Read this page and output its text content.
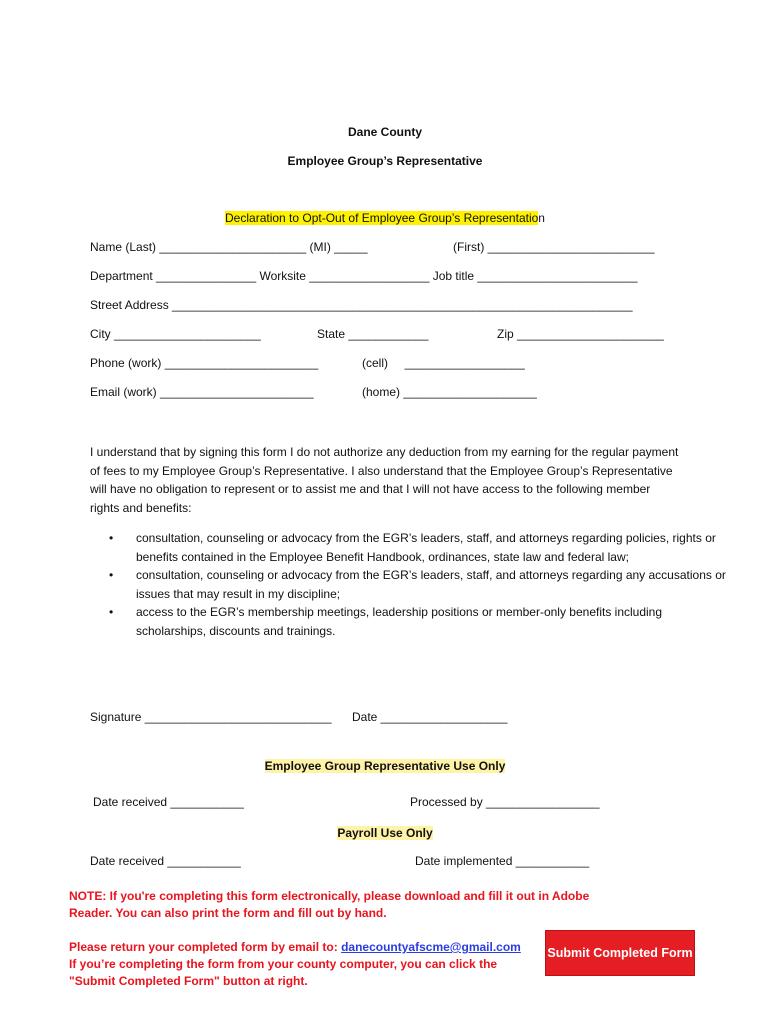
Dane County
Employee Group’s Representative
Declaration to Opt-Out of Employee Group’s Representation
Name (Last) ______________________ (MI) _____	(First) _________________________
Department _______________ Worksite __________________ Job title ________________________
Street Address _____________________________________________________________________
City ______________________	State ____________	Zip ______________________
Phone (work) _______________________	(cell)     __________________
Email (work) _______________________	(home) ____________________
I understand that by signing this form I do not authorize any deduction from my earning for the regular payment of fees to my Employee Group’s Representative. I also understand that the Employee Group’s Representative will have no obligation to represent or to assist me and that I will not have access to the following member rights and benefits:
• consultation, counseling or advocacy from the EGR’s leaders, staff, and attorneys regarding policies, rights or benefits contained in the Employee Benefit Handbook, ordinances, state law and federal law;
• consultation, counseling or advocacy from the EGR’s leaders, staff, and attorneys regarding any accusations or issues that may result in my discipline;
• access to the EGR’s membership meetings, leadership positions or member-only benefits including scholarships, discounts and trainings.
Signature ____________________________ Date ___________________
Employee Group Representative Use Only
Date received ___________	Processed by _________________
Payroll Use Only
Date received ___________	Date implemented ___________
NOTE: If you're completing this form electronically, please download and fill it out in Adobe
Reader. You can also print the form and fill out by hand.
Please return your completed form by email to: danecountyafscme@gmail.com
If you’re completing the form from your county computer, you can click the
"Submit Completed Form" button at right.
Submit Completed Form
